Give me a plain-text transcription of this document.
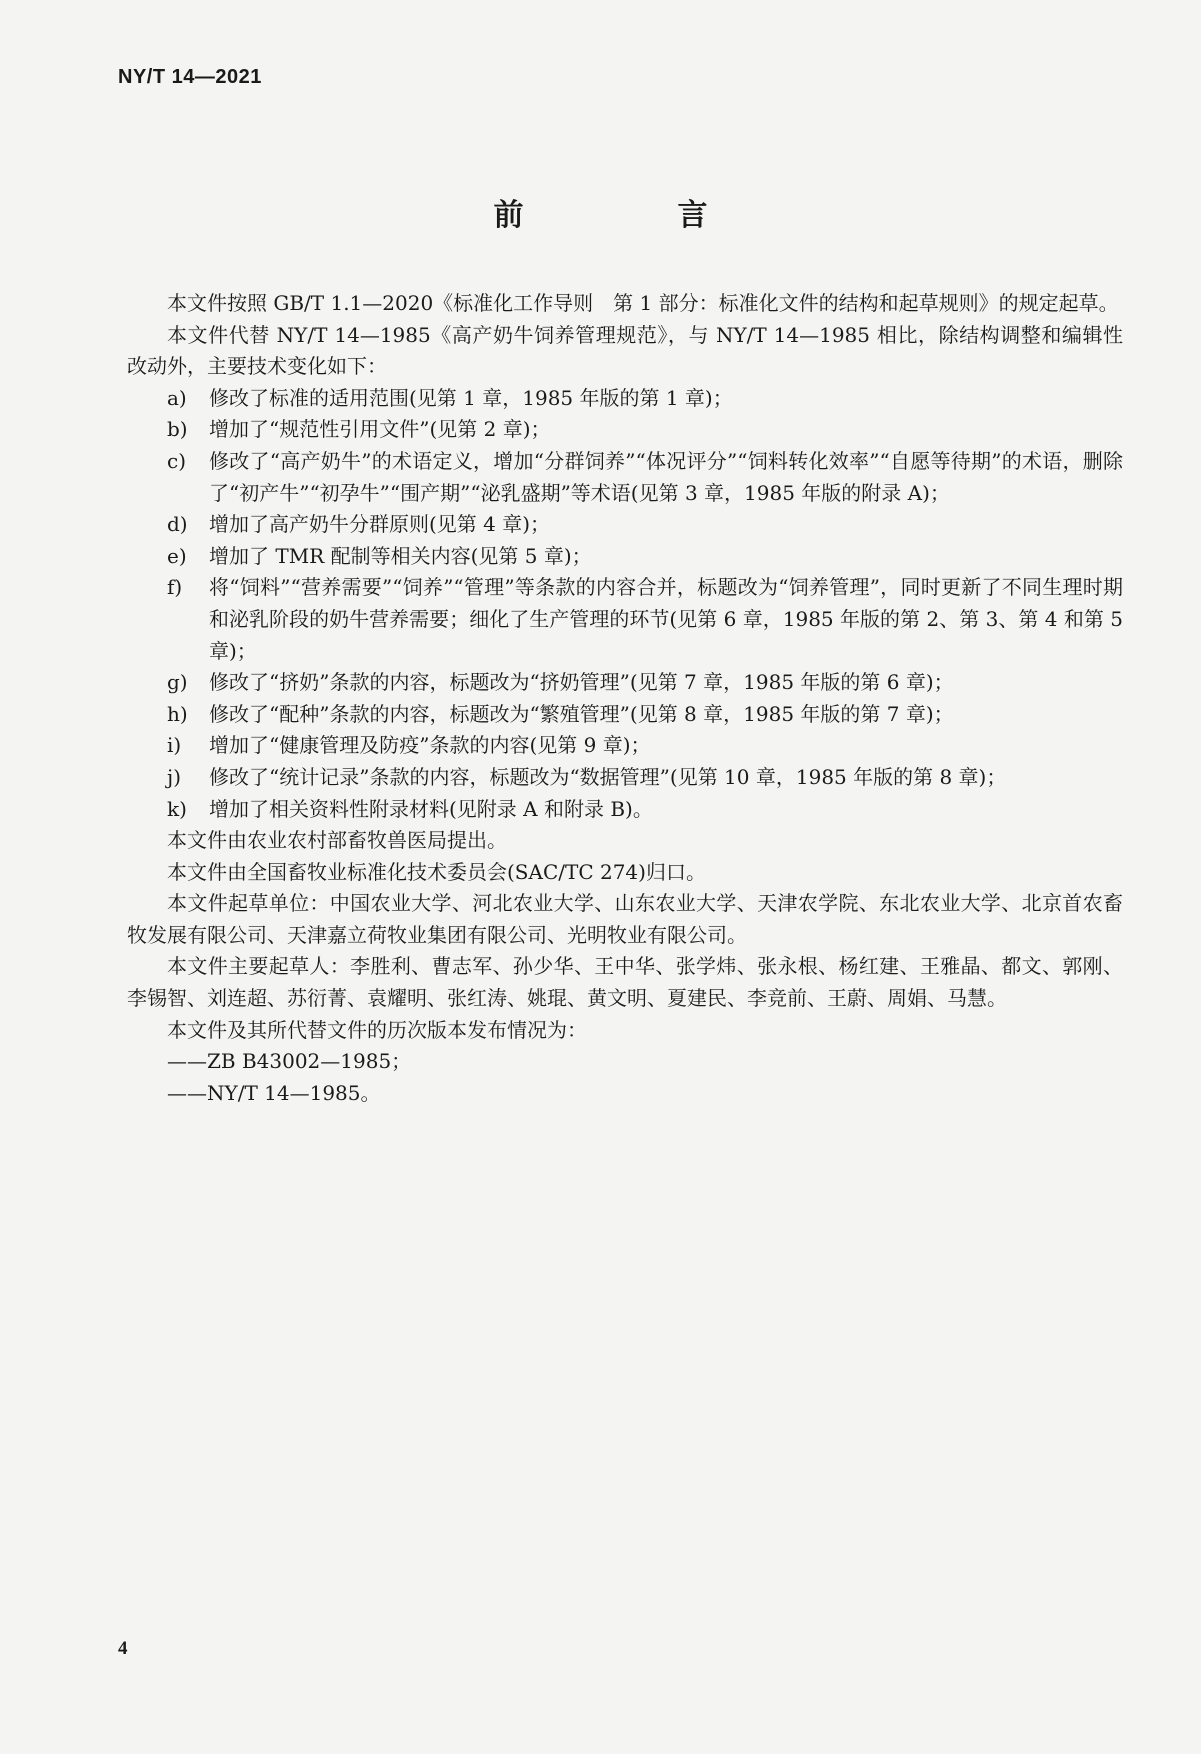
NY/T 14—2021
前　言

本文件按照 GB/T 1.1—2020《标准化工作导则　第 1 部分：标准化文件的结构和起草规则》的规定起草。

本文件代替 NY/T 14—1985《高产奶牛饲养管理规范》，与 NY/T 14—1985 相比，除结构调整和编辑性改动外，主要技术变化如下：

a)	修改了标准的适用范围(见第 1 章，1985 年版的第 1 章)；
b)	增加了“规范性引用文件”(见第 2 章)；
c)	修改了“高产奶牛”的术语定义，增加“分群饲养”“体况评分”“饲料转化效率”“自愿等待期”的术语，删除了“初产牛”“初孕牛”“围产期”“泌乳盛期”等术语(见第 3 章，1985 年版的附录 A)；
d)	增加了高产奶牛分群原则(见第 4 章)；
e)	增加了 TMR 配制等相关内容(见第 5 章)；
f)	将“饲料”“营养需要”“饲养”“管理”等条款的内容合并，标题改为“饲养管理”，同时更新了不同生理时期和泌乳阶段的奶牛营养需要；细化了生产管理的环节(见第 6 章，1985 年版的第 2、第 3、第 4 和第 5 章)；
g)	修改了“挤奶”条款的内容，标题改为“挤奶管理”(见第 7 章，1985 年版的第 6 章)；
h)	修改了“配种”条款的内容，标题改为“繁殖管理”(见第 8 章，1985 年版的第 7 章)；
i)	增加了“健康管理及防疫”条款的内容(见第 9 章)；
j)	修改了“统计记录”条款的内容，标题改为“数据管理”(见第 10 章，1985 年版的第 8 章)；
k)	增加了相关资料性附录材料(见附录 A 和附录 B)。

本文件由农业农村部畜牧兽医局提出。

本文件由全国畜牧业标准化技术委员会(SAC/TC 274)归口。

本文件起草单位：中国农业大学、河北农业大学、山东农业大学、天津农学院、东北农业大学、北京首农畜牧发展有限公司、天津嘉立荷牧业集团有限公司、光明牧业有限公司。

本文件主要起草人：李胜利、曹志军、孙少华、王中华、张学炜、张永根、杨红建、王雅晶、都文、郭刚、李锡智、刘连超、苏衍菁、袁耀明、张红涛、姚琨、黄文明、夏建民、李竞前、王蔚、周娟、马慧。

本文件及其所代替文件的历次版本发布情况为：

——ZB B43002—1985；

——NY/T 14—1985。

4
